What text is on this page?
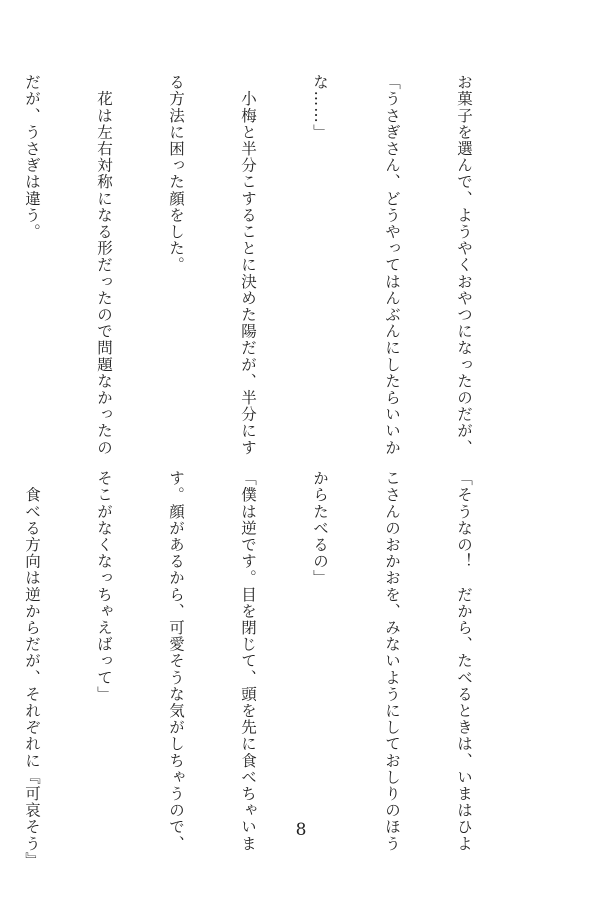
お菓子を選んで、ようやくおやつになったのだが、

「うさぎさん、どうやってはんぶんにしたらいいか

な……」

　小梅と半分こすることに決めた陽だが、半分にす

る方法に困った顔をした。

　花は左右対称になる形だったので問題なかったの

だが、うさぎは違う。

「そうなの！　だから、たべるときは、いまはひよ

こさんのおかおを、みないようにしておしりのほう

からたべるの」

「僕は逆です。目を閉じて、頭を先に食べちゃいま

す。顔があるから、可愛そうな気がしちゃうので、

そこがなくなっちゃえばって」

　食べる方向は逆からだが、それぞれに『可哀そう』

	8
